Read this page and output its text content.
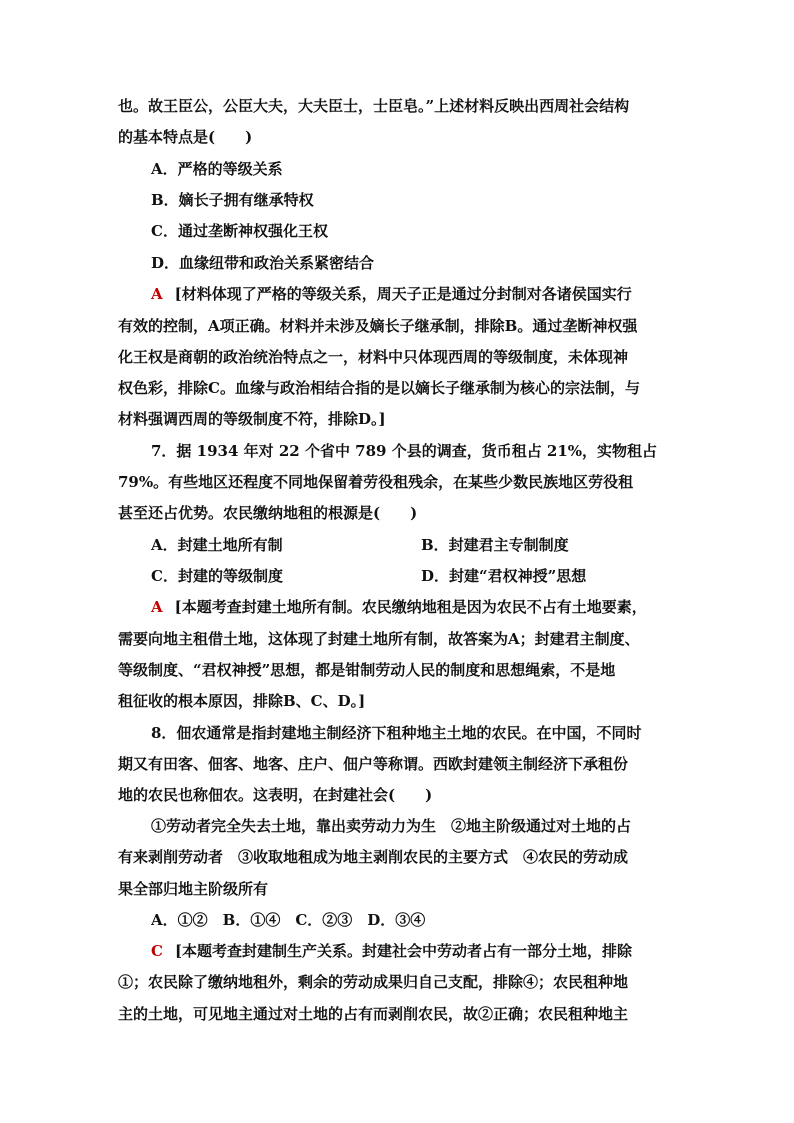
也。故王臣公，公臣大夫，大夫臣士，士臣皂。”上述材料反映出西周社会结构
的基本特点是(　　)
A．严格的等级关系
B．嫡长子拥有继承特权
C．通过垄断神权强化王权
D．血缘纽带和政治关系紧密结合
A [材料体现了严格的等级关系，周天子正是通过分封制对各诸侯国实行
有效的控制，A项正确。材料并未涉及嫡长子继承制，排除B。通过垄断神权强
化王权是商朝的政治统治特点之一，材料中只体现西周的等级制度，未体现神
权色彩，排除C。血缘与政治相结合指的是以嫡长子继承制为核心的宗法制，与
材料强调西周的等级制度不符，排除D。]
7．据 1934 年对 22 个省中 789 个县的调查，货币租占 21%，实物租占
79%。有些地区还程度不同地保留着劳役租残余，在某些少数民族地区劳役租
甚至还占优势。农民缴纳地租的根源是(　　)
A．封建土地所有制	B．封建君主专制制度
C．封建的等级制度	D．封建“君权神授”思想
A [本题考查封建土地所有制。农民缴纳地租是因为农民不占有土地要素，
需要向地主租借土地，这体现了封建土地所有制，故答案为A；封建君主制度、
等级制度、“君权神授”思想，都是钳制劳动人民的制度和思想绳索，不是地
租征收的根本原因，排除B、C、D。]
8．佃农通常是指封建地主制经济下租种地主土地的农民。在中国，不同时
期又有田客、佃客、地客、庄户、佃户等称谓。西欧封建领主制经济下承租份
地的农民也称佃农。这表明，在封建社会(　　)
①劳动者完全失去土地，靠出卖劳动力为生　②地主阶级通过对土地的占
有来剥削劳动者　③收取地租成为地主剥削农民的主要方式　④农民的劳动成
果全部归地主阶级所有
A．①②　B．①④　C．②③　D．③④
C [本题考查封建制生产关系。封建社会中劳动者占有一部分土地，排除
①；农民除了缴纳地租外，剩余的劳动成果归自己支配，排除④；农民租种地
主的土地，可见地主通过对土地的占有而剥削农民，故②正确；农民租种地主
